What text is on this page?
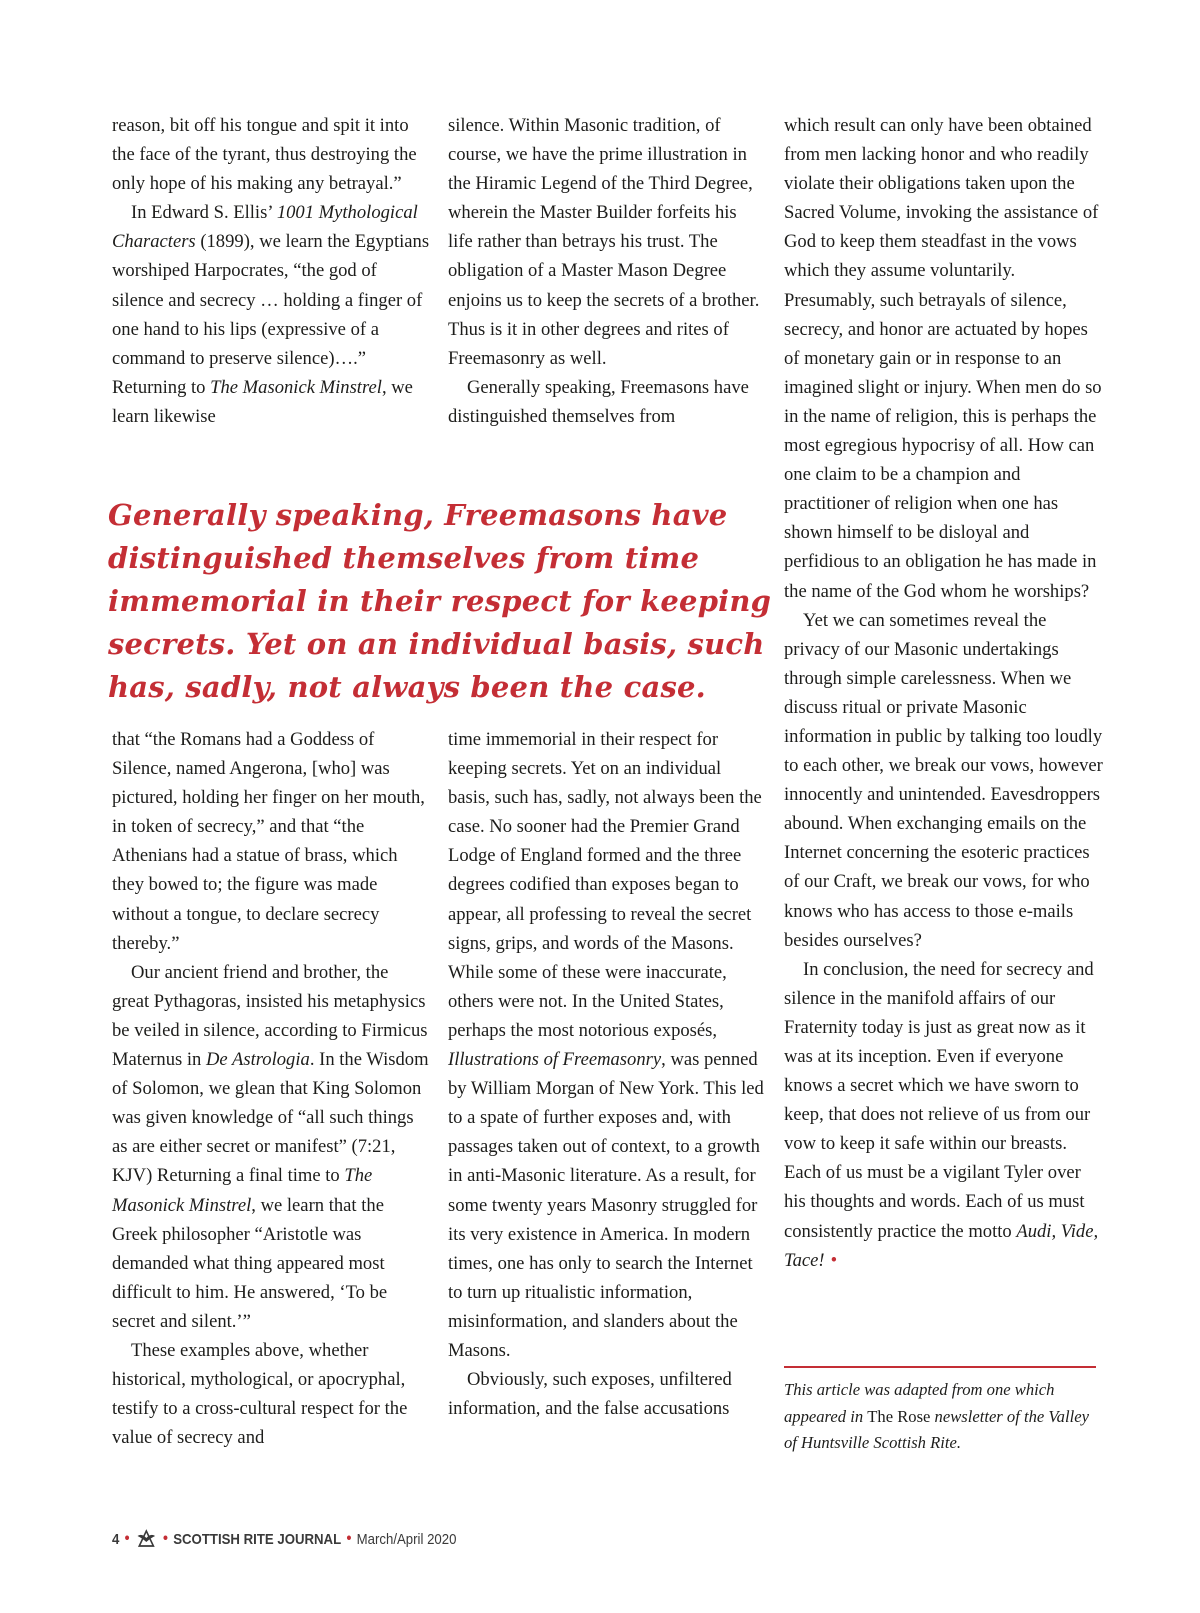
reason, bit off his tongue and spit it into the face of the tyrant, thus destroying the only hope of his making any betrayal.”

In Edward S. Ellis’ 1001 Mythological Characters (1899), we learn the Egyptians worshiped Harpocrates, “the god of silence and secrecy … holding a finger of one hand to his lips (expressive of a command to preserve silence)….” Returning to The Masonick Minstrel, we learn likewise

silence. Within Masonic tradition, of course, we have the prime illustration in the Hiramic Legend of the Third Degree, wherein the Master Builder forfeits his life rather than betrays his trust. The obligation of a Master Mason Degree enjoins us to keep the secrets of a brother. Thus is it in other degrees and rites of Freemasonry as well.

Generally speaking, Freemasons have distinguished themselves from

Generally speaking, Freemasons have distinguished themselves from time immemorial in their respect for keeping secrets. Yet on an individual basis, such has, sadly, not always been the case.

that “the Romans had a Goddess of Silence, named Angerona, [who] was pictured, holding her finger on her mouth, in token of secrecy,” and that “the Athenians had a statue of brass, which they bowed to; the figure was made without a tongue, to declare secrecy thereby.”

Our ancient friend and brother, the great Pythagoras, insisted his metaphysics be veiled in silence, according to Firmicus Maternus in De Astrologia. In the Wisdom of Solomon, we glean that King Solomon was given knowledge of “all such things as are either secret or manifest” (7:21, KJV) Returning a final time to The Masonick Minstrel, we learn that the Greek philosopher “Aristotle was demanded what thing appeared most difficult to him. He answered, ‘To be secret and silent.’”

These examples above, whether historical, mythological, or apocryphal, testify to a cross-cultural respect for the value of secrecy and

time immemorial in their respect for keeping secrets. Yet on an individual basis, such has, sadly, not always been the case. No sooner had the Premier Grand Lodge of England formed and the three degrees codified than exposes began to appear, all professing to reveal the secret signs, grips, and words of the Masons. While some of these were inaccurate, others were not. In the United States, perhaps the most notorious exposés, Illustrations of Freemasonry, was penned by William Morgan of New York. This led to a spate of further exposes and, with passages taken out of context, to a growth in anti-Masonic literature. As a result, for some twenty years Masonry struggled for its very existence in America. In modern times, one has only to search the Internet to turn up ritualistic information, misinformation, and slanders about the Masons.

Obviously, such exposes, unfiltered information, and the false accusations

which result can only have been obtained from men lacking honor and who readily violate their obligations taken upon the Sacred Volume, invoking the assistance of God to keep them steadfast in the vows which they assume voluntarily. Presumably, such betrayals of silence, secrecy, and honor are actuated by hopes of monetary gain or in response to an imagined slight or injury. When men do so in the name of religion, this is perhaps the most egregious hypocrisy of all. How can one claim to be a champion and practitioner of religion when one has shown himself to be disloyal and perfidious to an obligation he has made in the name of the God whom he worships?

Yet we can sometimes reveal the privacy of our Masonic undertakings through simple carelessness. When we discuss ritual or private Masonic information in public by talking too loudly to each other, we break our vows, however innocently and unintended. Eavesdroppers abound. When exchanging emails on the Internet concerning the esoteric practices of our Craft, we break our vows, for who knows who has access to those e-mails besides ourselves?

In conclusion, the need for secrecy and silence in the manifold affairs of our Fraternity today is just as great now as it was at its inception. Even if everyone knows a secret which we have sworn to keep, that does not relieve of us from our vow to keep it safe within our breasts. Each of us must be a vigilant Tyler over his thoughts and words. Each of us must consistently practice the motto Audi, Vide, Tace! •

This article was adapted from one which appeared in The Rose newsletter of the Valley of Huntsville Scottish Rite.
4 • • SCOTTISH RITE JOURNAL • March/April 2020
